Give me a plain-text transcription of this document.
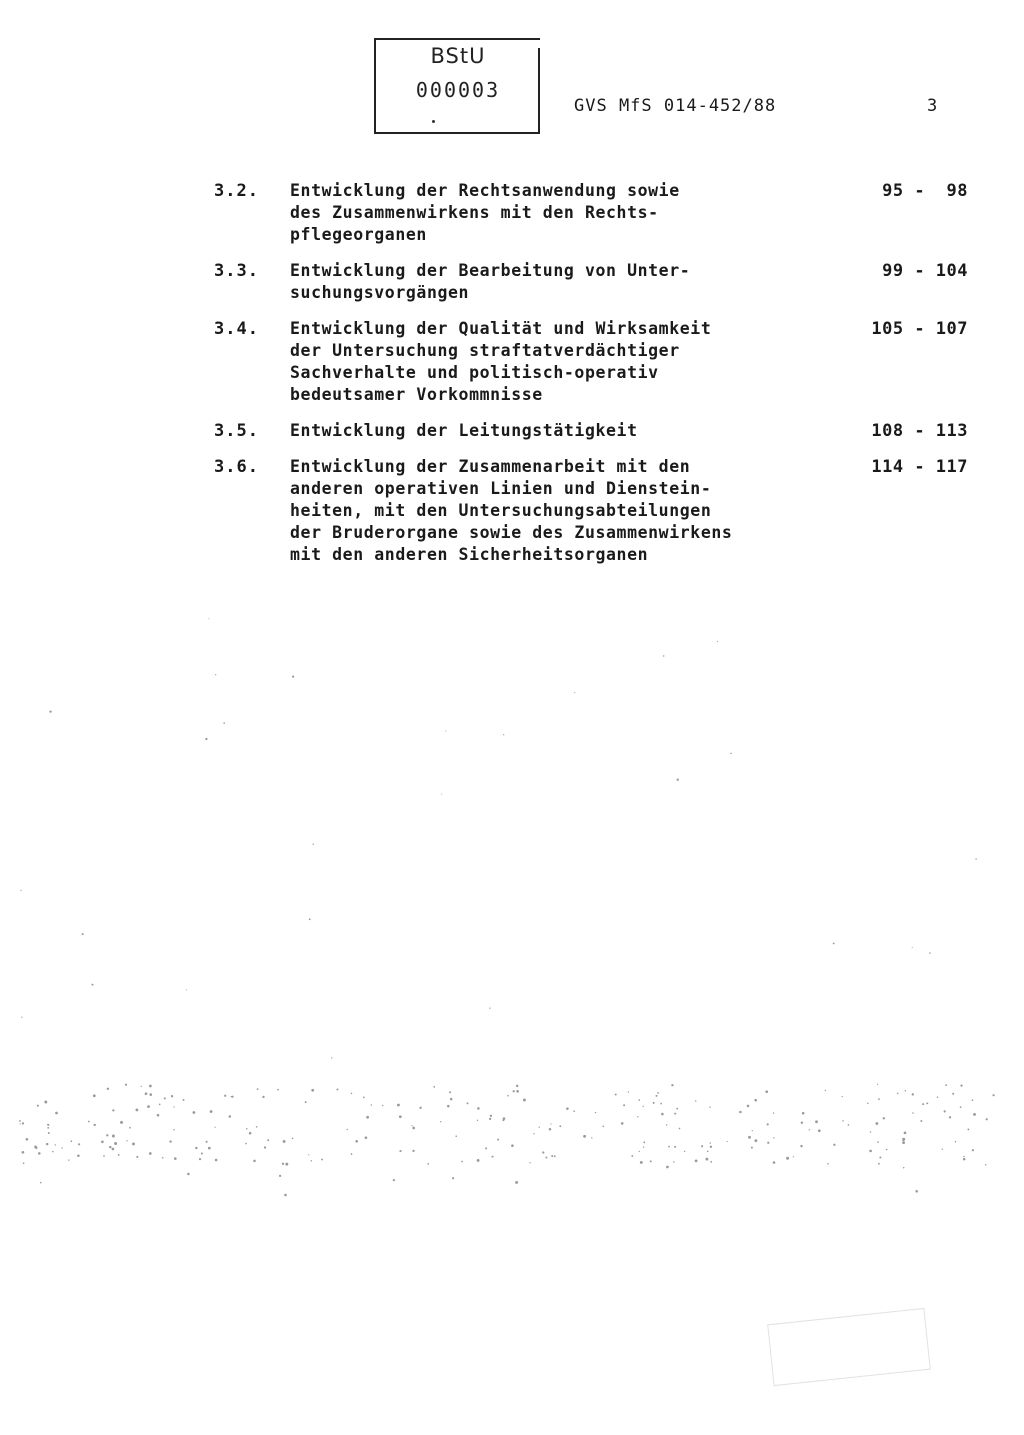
BStU
000003
GVS MfS 014-452/88	3
3.2.	Entwicklung der Rechtsanwendung sowie
des Zusammenwirkens mit den Rechts-
pflegeorganen
95 -  98
3.3.	Entwicklung der Bearbeitung von Unter-
suchungsvorgängen
99 - 104
3.4.	Entwicklung der Qualität und Wirksamkeit
der Untersuchung straftatverdächtiger
Sachverhalte und politisch-operativ
bedeutsamer Vorkommnisse
105 - 107
3.5.	Entwicklung der Leitungstätigkeit	108 - 113
3.6.	Entwicklung der Zusammenarbeit mit den
anderen operativen Linien und Dienstein-
heiten, mit den Untersuchungsabteilungen
der Bruderorgane sowie des Zusammenwirkens
mit den anderen Sicherheitsorganen
114 - 117
